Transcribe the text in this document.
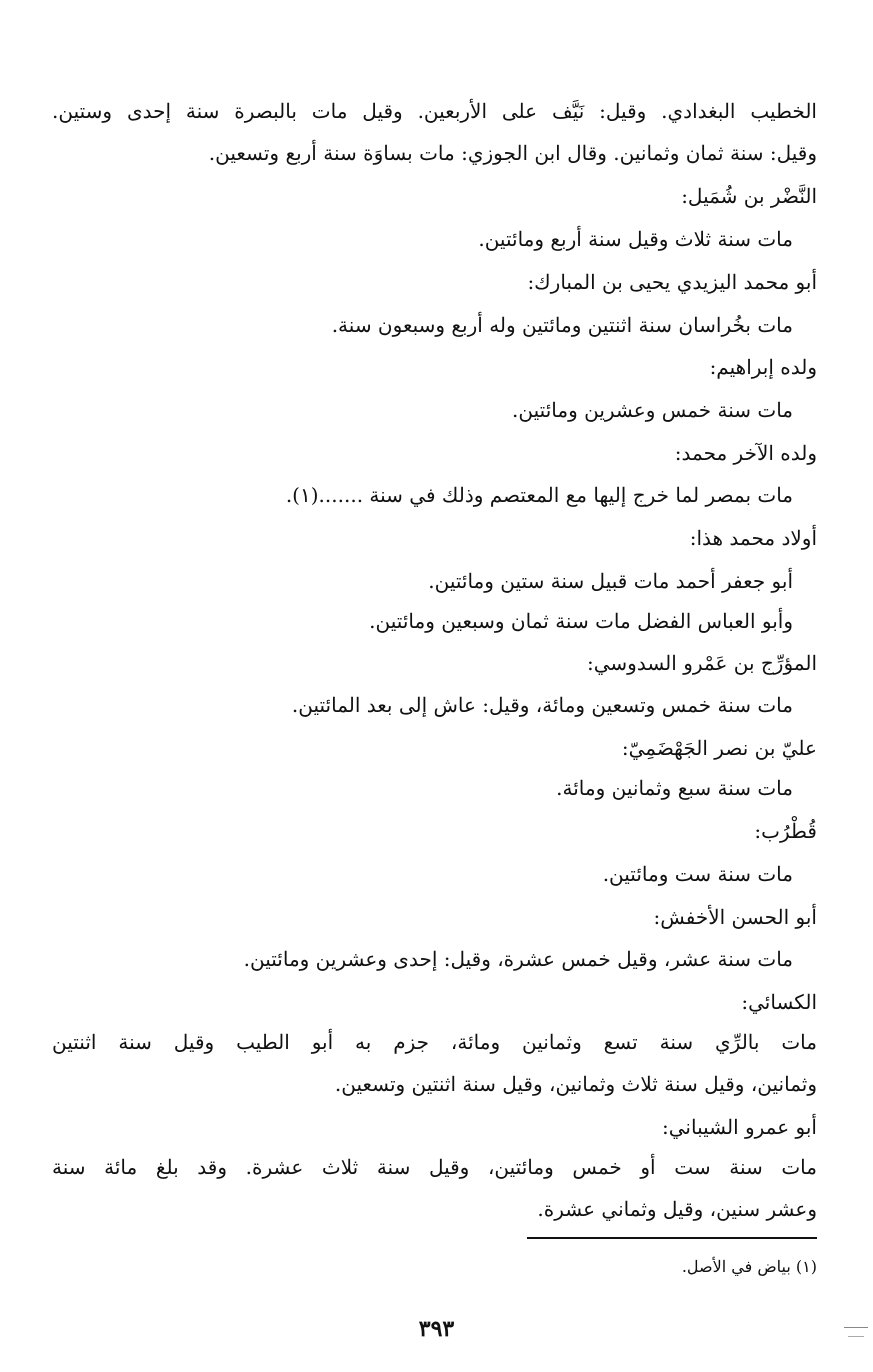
الخطيب البغدادي. وقيل: نَيَّف على الأربعين. وقيل مات بالبصرة سنة إحدى وستين.
وقيل: سنة ثمان وثمانين. وقال ابن الجوزي: مات بساوَة سنة أربع وتسعين.
النَّضْر بن شُمَيل:
مات سنة ثلاث وقيل سنة أربع ومائتين.
أبو محمد اليزيدي يحيى بن المبارك:
مات بخُراسان سنة اثنتين ومائتين وله أربع وسبعون سنة.
ولده إبراهيم:
مات سنة خمس وعشرين ومائتين.
ولده الآخر محمد:
مات بمصر لما خرج إليها مع المعتصم وذلك في سنة .......(١).
أولاد محمد هذا:
أبو جعفر أحمد مات قبيل سنة ستين ومائتين.
وأبو العباس الفضل مات سنة ثمان وسبعين ومائتين.
المؤرِّج بن عَمْرو السدوسي:
مات سنة خمس وتسعين ومائة، وقيل: عاش إلى بعد المائتين.
عليّ بن نصر الجَهْضَمِيّ:
مات سنة سبع وثمانين ومائة.
قُطْرُب:
مات سنة ست ومائتين.
أبو الحسن الأخفش:
مات سنة عشر، وقيل خمس عشرة، وقيل: إحدى وعشرين ومائتين.
الكسائي:
مات بالرِّي سنة تسع وثمانين ومائة، جزم به أبو الطيب وقيل سنة اثنتين
وثمانين، وقيل سنة ثلاث وثمانين، وقيل سنة اثنتين وتسعين.
أبو عمرو الشيباني:
مات سنة ست أو خمس ومائتين، وقيل سنة ثلاث عشرة. وقد بلغ مائة سنة
وعشر سنين، وقيل وثماني عشرة.
(١) بياض في الأصل.
٣٩٣
